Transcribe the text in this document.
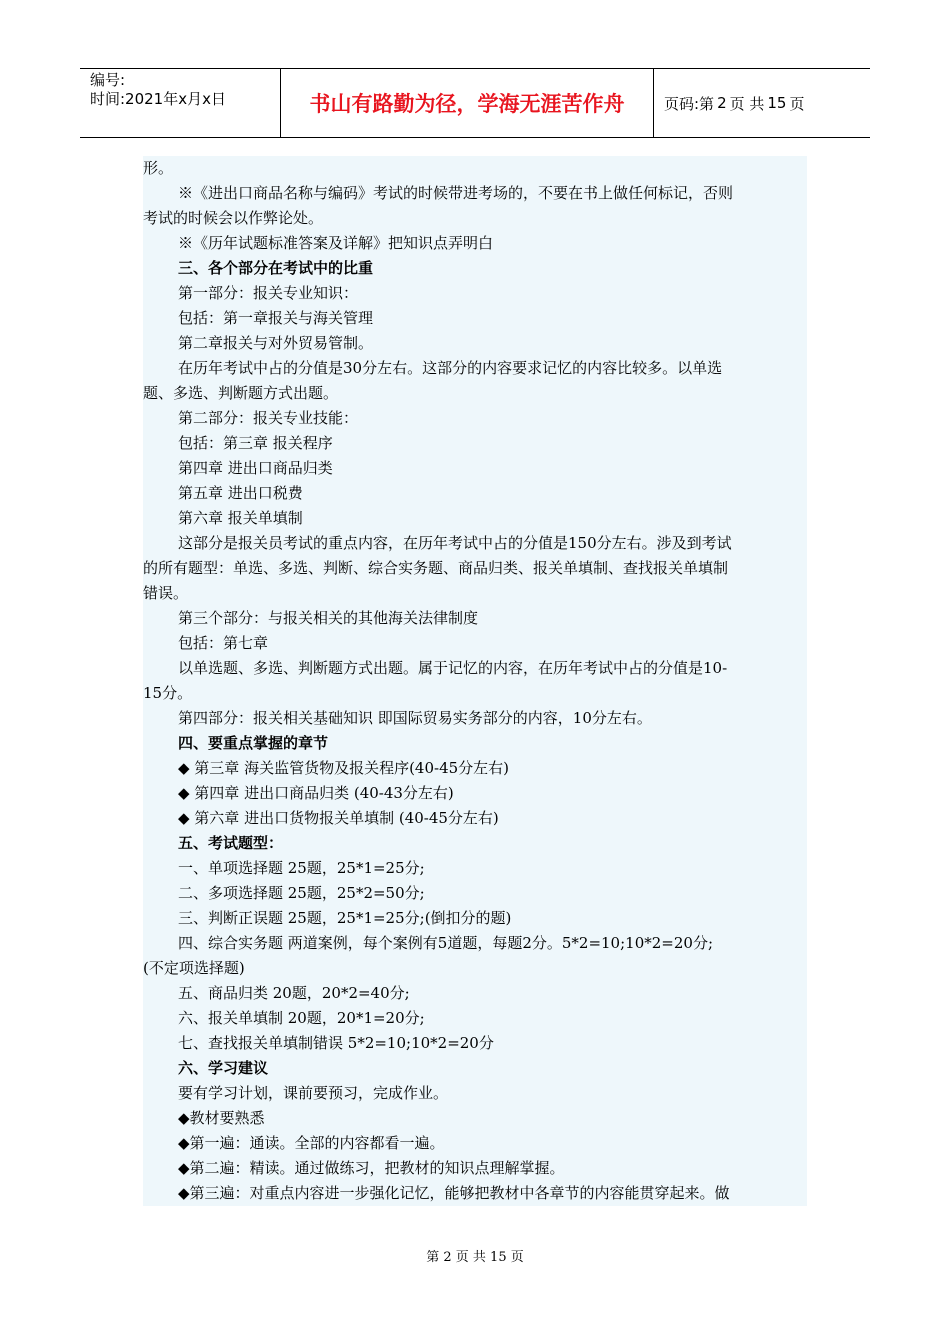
编号:
时间:2021年x月x日	书山有路勤为径，学海无涯苦作舟	页码:第 2 页 共 15 页
形。
※《进出口商品名称与编码》考试的时候带进考场的，不要在书上做任何标记，否则
考试的时候会以作弊论处。
※《历年试题标准答案及详解》把知识点弄明白
三、各个部分在考试中的比重
第一部分：报关专业知识：
包括：第一章报关与海关管理
第二章报关与对外贸易管制。
在历年考试中占的分值是30分左右。这部分的内容要求记忆的内容比较多。以单选
题、多选、判断题方式出题。
第二部分：报关专业技能：
包括：第三章 报关程序
第四章 进出口商品归类
第五章 进出口税费
第六章 报关单填制
这部分是报关员考试的重点内容，在历年考试中占的分值是150分左右。涉及到考试
的所有题型：单选、多选、判断、综合实务题、商品归类、报关单填制、查找报关单填制
错误。
第三个部分：与报关相关的其他海关法律制度
包括：第七章
以单选题、多选、判断题方式出题。属于记忆的内容，在历年考试中占的分值是10-
15分。
第四部分：报关相关基础知识 即国际贸易实务部分的内容，10分左右。
四、要重点掌握的章节
◆ 第三章 海关监管货物及报关程序(40-45分左右)
◆ 第四章 进出口商品归类 (40-43分左右)
◆ 第六章 进出口货物报关单填制 (40-45分左右)
五、考试题型：
一、单项选择题 25题，25*1=25分;
二、多项选择题 25题，25*2=50分;
三、判断正误题 25题，25*1=25分;(倒扣分的题)
四、综合实务题 两道案例，每个案例有5道题，每题2分。5*2=10;10*2=20分;
(不定项选择题)
五、商品归类 20题，20*2=40分;
六、报关单填制 20题，20*1=20分;
七、查找报关单填制错误 5*2=10;10*2=20分
六、学习建议
要有学习计划，课前要预习，完成作业。
◆教材要熟悉
◆第一遍：通读。全部的内容都看一遍。
◆第二遍：精读。通过做练习，把教材的知识点理解掌握。
◆第三遍：对重点内容进一步强化记忆，能够把教材中各章节的内容能贯穿起来。做
第 2 页 共 15 页
